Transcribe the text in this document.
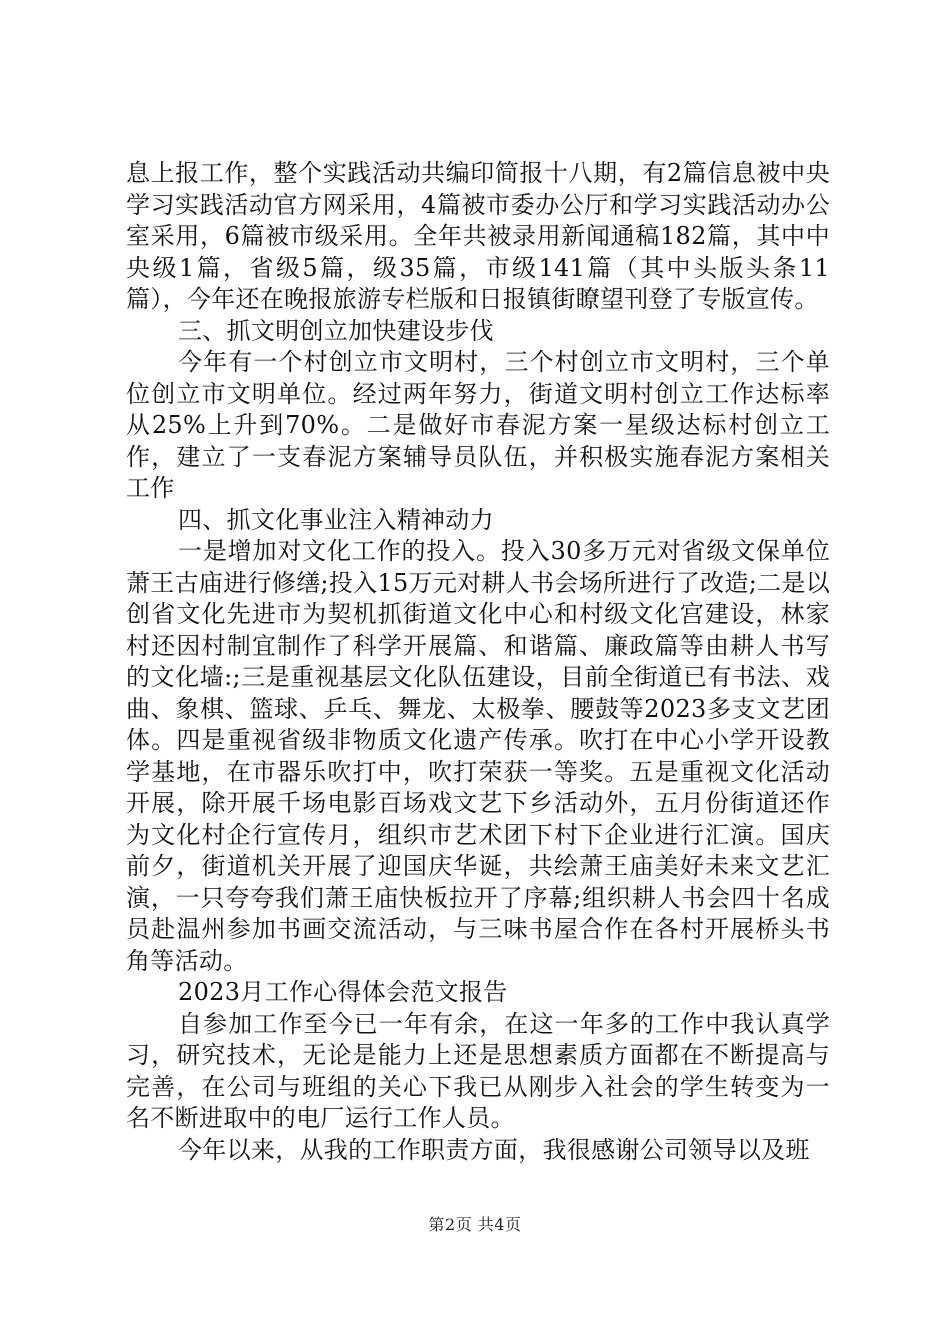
息上报工作，整个实践活动共编印简报十八期，有2篇信息被中央学习实践活动官方网采用，4篇被市委办公厅和学习实践活动办公室采用，6篇被市级采用。全年共被录用新闻通稿182篇，其中中央级1篇，省级5篇，级35篇，市级141篇（其中头版头条11篇），今年还在晚报旅游专栏版和日报镇街瞭望刊登了专版宣传。

三、抓文明创立加快建设步伐

今年有一个村创立市文明村，三个村创立市文明村，三个单位创立市文明单位。经过两年努力，街道文明村创立工作达标率从25%上升到70%。二是做好市春泥方案一星级达标村创立工作，建立了一支春泥方案辅导员队伍，并积极实施春泥方案相关工作

四、抓文化事业注入精神动力

一是增加对文化工作的投入。投入30多万元对省级文保单位萧王古庙进行修缮;投入15万元对耕人书会场所进行了改造;二是以创省文化先进市为契机抓街道文化中心和村级文化宫建设，林家村还因村制宜制作了科学开展篇、和谐篇、廉政篇等由耕人书写的文化墙:;三是重视基层文化队伍建设，目前全街道已有书法、戏曲、象棋、篮球、乒乓、舞龙、太极拳、腰鼓等2023多支文艺团体。四是重视省级非物质文化遗产传承。吹打在中心小学开设教学基地，在市器乐吹打中，吹打荣获一等奖。五是重视文化活动开展，除开展千场电影百场戏文艺下乡活动外，五月份街道还作为文化村企行宣传月，组织市艺术团下村下企业进行汇演。国庆前夕，街道机关开展了迎国庆华诞，共绘萧王庙美好未来文艺汇演，一只夸夸我们萧王庙快板拉开了序幕;组织耕人书会四十名成员赴温州参加书画交流活动，与三味书屋合作在各村开展桥头书角等活动。

2023月工作心得体会范文报告

自参加工作至今已一年有余，在这一年多的工作中我认真学习，研究技术，无论是能力上还是思想素质方面都在不断提高与完善，在公司与班组的关心下我已从刚步入社会的学生转变为一名不断进取中的电厂运行工作人员。

今年以来，从我的工作职责方面，我很感谢公司领导以及班

第2页 共4页
